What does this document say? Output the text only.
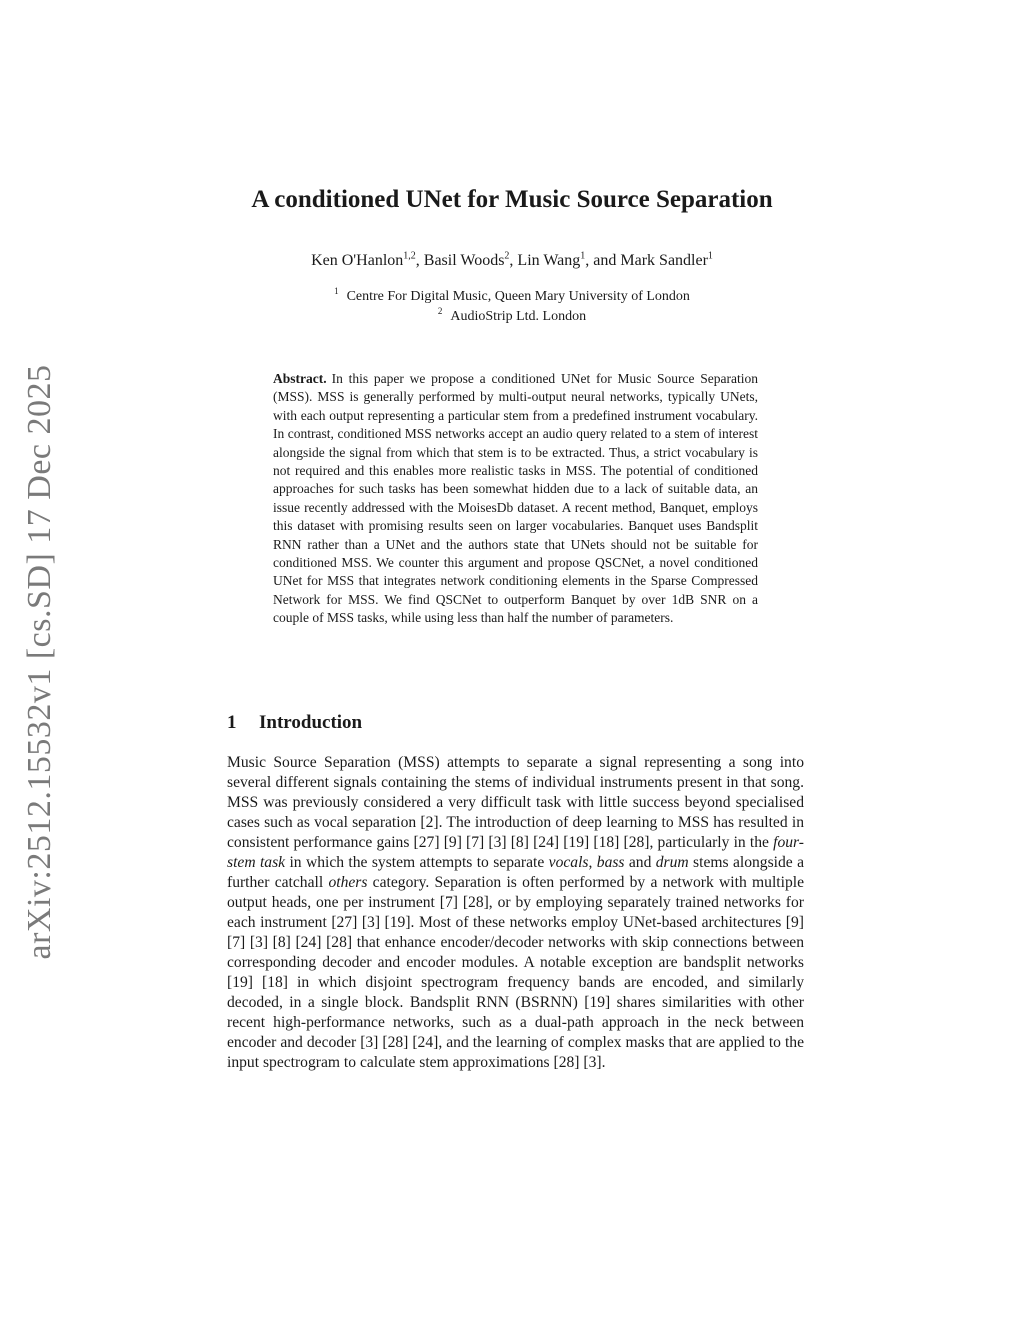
arXiv:2512.15532v1 [cs.SD] 17 Dec 2025
A conditioned UNet for Music Source Separation

Ken O'Hanlon$^{1,2}$, Basil Woods$^2$, Lin Wang$^1$, and Mark Sandler$^1$

$^1$ Centre For Digital Music, Queen Mary University of London

$^2$ AudioStrip Ltd. London

Abstract. In this paper we propose a conditioned UNet for Music Source Separation (MSS). MSS is generally performed by multi-output neural networks, typically UNets, with each output representing a particular stem from a predefined instrument vocabulary. In contrast, conditioned MSS networks accept an audio query related to a stem of interest alongside the signal from which that stem is to be extracted. Thus, a strict vocabulary is not required and this enables more realistic tasks in MSS. The potential of conditioned approaches for such tasks has been somewhat hidden due to a lack of suitable data, an issue recently addressed with the MoisesDb dataset. A recent method, Banquet, employs this dataset with promising results seen on larger vocabularies. Banquet uses Bandsplit RNN rather than a UNet and the authors state that UNets should not be suitable for conditioned MSS. We counter this argument and propose QSCNet, a novel conditioned UNet for MSS that integrates network conditioning elements in the Sparse Compressed Network for MSS. We find QSCNet to outperform Banquet by over 1dB SNR on a couple of MSS tasks, while using less than half the number of parameters.

1 Introduction

Music Source Separation (MSS) attempts to separate a signal representing a song into several different signals containing the stems of individual instruments present in that song. MSS was previously considered a very difficult task with little success beyond specialised cases such as vocal separation [2]. The introduction of deep learning to MSS has resulted in consistent performance gains [27] [9] [7] [3] [8] [24] [19] [18] [28], particularly in the four-stem task in which the system attempts to separate vocals, bass and drum stems alongside a further catchall others category. Separation is often performed by a network with multiple output heads, one per instrument [7] [28], or by employing separately trained networks for each instrument [27] [3] [19]. Most of these networks employ UNet-based architectures [9] [7] [3] [8] [24] [28] that enhance encoder/decoder networks with skip connections between corresponding decoder and encoder modules. A notable exception are bandsplit networks [19] [18] in which disjoint spectrogram frequency bands are encoded, and similarly decoded, in a single block. Bandsplit RNN (BSRNN) [19] shares similarities with other recent high-performance networks, such as a dual-path approach in the neck between encoder and decoder [3] [28] [24], and the learning of complex masks that are applied to the input spectrogram to calculate stem approximations [28] [3].
